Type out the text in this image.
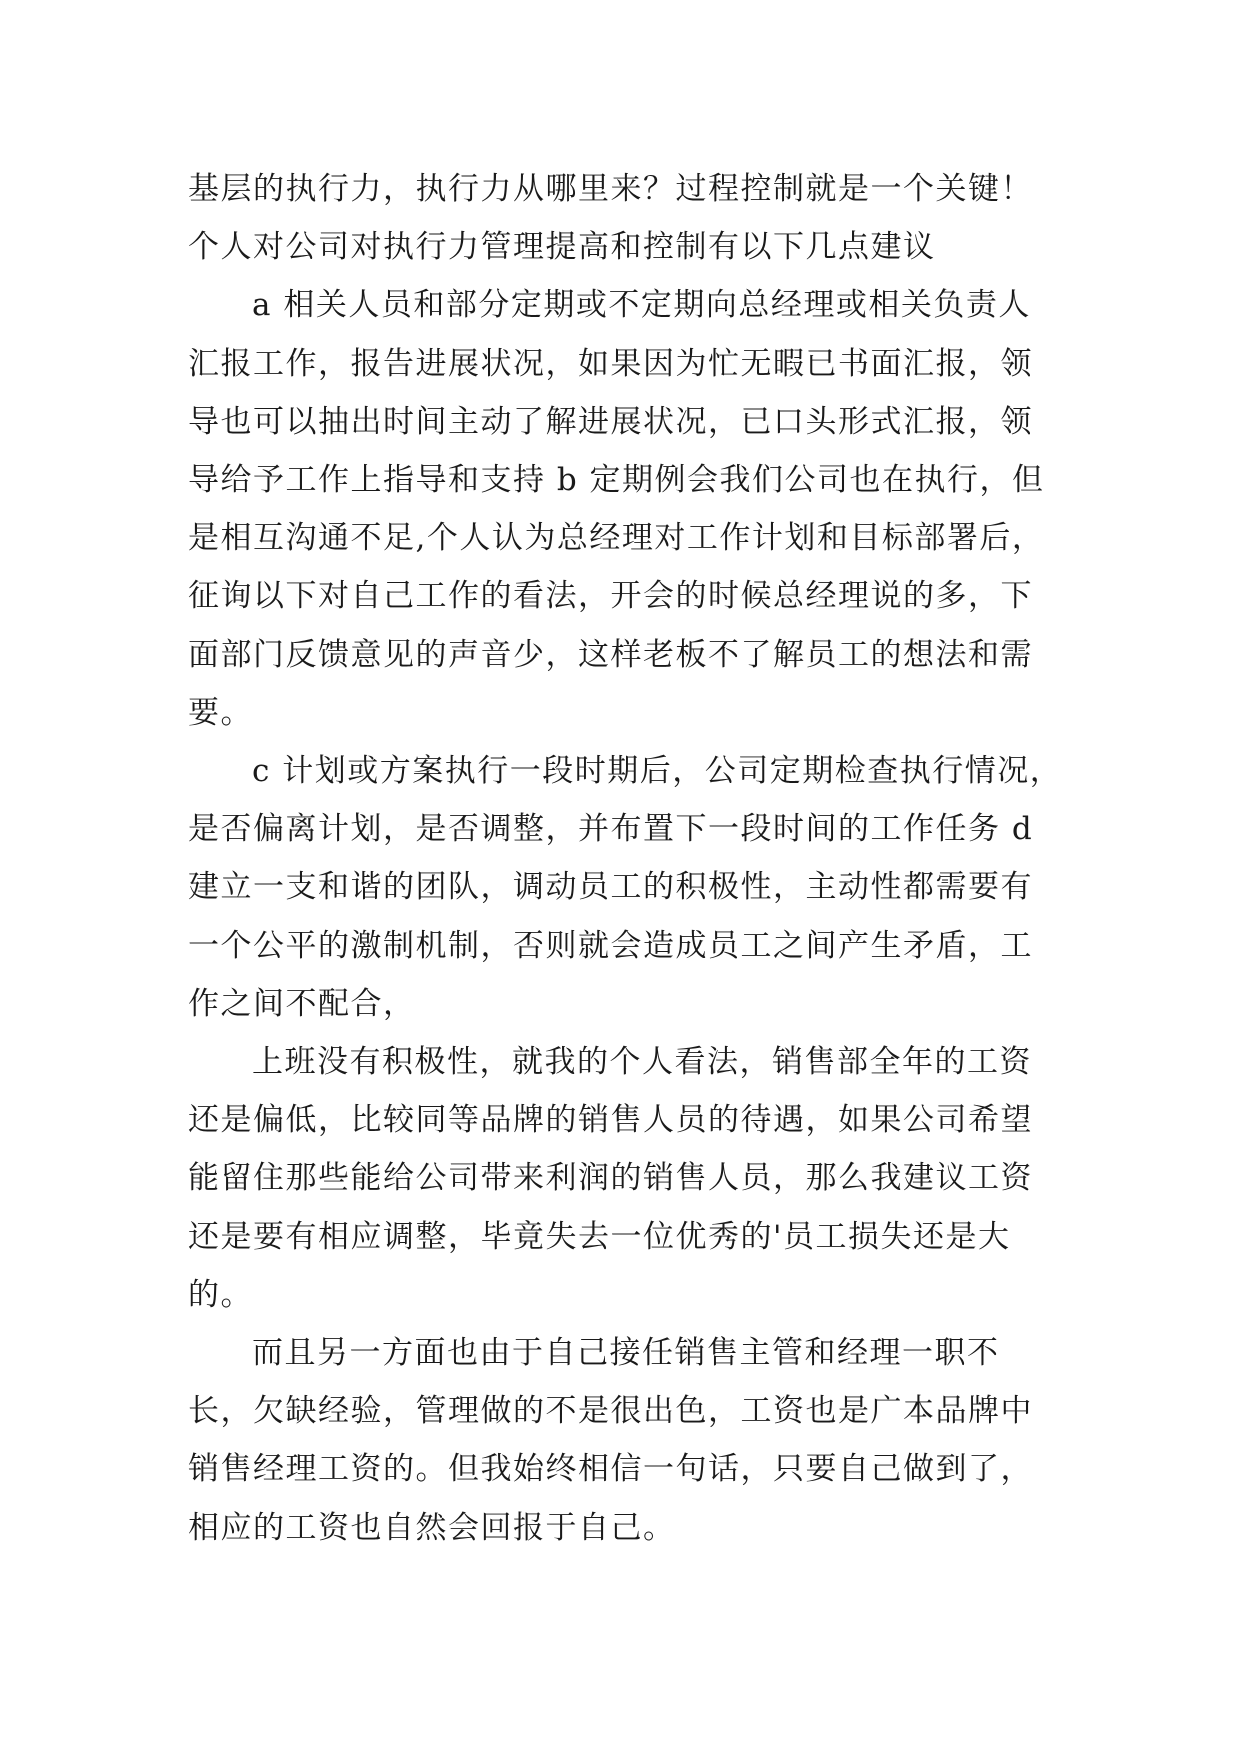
基层的执行力，执行力从哪里来？过程控制就是一个关键！

个人对公司对执行力管理提高和控制有以下几点建议

a 相关人员和部分定期或不定期向总经理或相关负责人
汇报工作，报告进展状况，如果因为忙无暇已书面汇报，领
导也可以抽出时间主动了解进展状况，已口头形式汇报，领
导给予工作上指导和支持 b 定期例会我们公司也在执行，但
是相互沟通不足,个人认为总经理对工作计划和目标部署后，
征询以下对自己工作的看法，开会的时候总经理说的多，下
面部门反馈意见的声音少，这样老板不了解员工的想法和需
要。

c 计划或方案执行一段时期后，公司定期检查执行情况，
是否偏离计划，是否调整，并布置下一段时间的工作任务 d
建立一支和谐的团队，调动员工的积极性，主动性都需要有
一个公平的激制机制，否则就会造成员工之间产生矛盾，工
作之间不配合，

上班没有积极性，就我的个人看法，销售部全年的工资
还是偏低，比较同等品牌的销售人员的待遇，如果公司希望
能留住那些能给公司带来利润的销售人员，那么我建议工资
还是要有相应调整，毕竟失去一位优秀的'员工损失还是大
的。

而且另一方面也由于自己接任销售主管和经理一职不
长，欠缺经验，管理做的不是很出色，工资也是广本品牌中
销售经理工资的。但我始终相信一句话，只要自己做到了，
相应的工资也自然会回报于自己。
